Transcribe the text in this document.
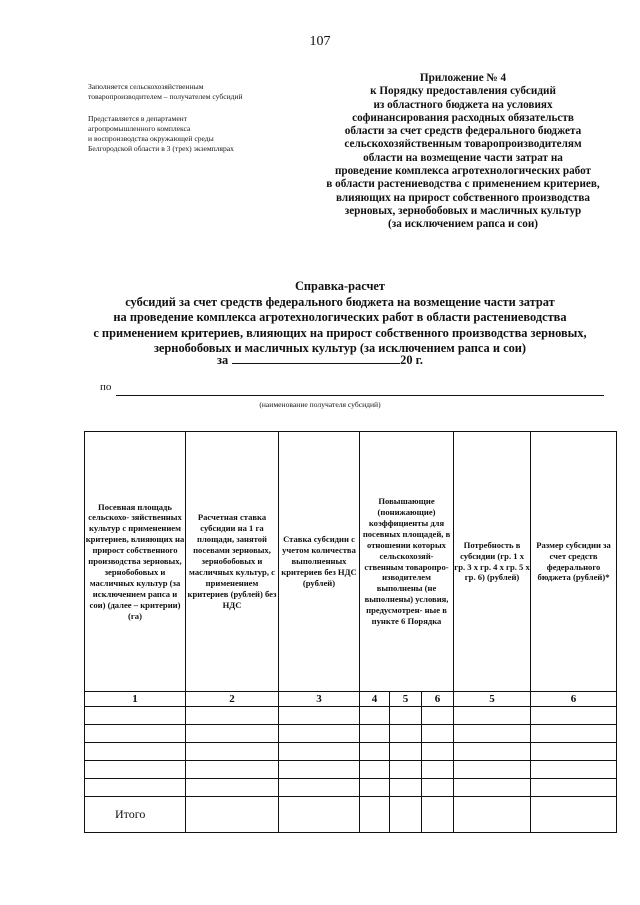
107
Заполняется сельскохозяйственным
товаропроизводителем – получателем субсидий
Представляется в департамент
агропромышленного комплекса
и воспроизводства окружающей среды
Белгородской области в 3 (трех) экземплярах
Приложение № 4
к Порядку предоставления субсидий
из областного бюджета на условиях
софинансирования расходных обязательств
области за счет средств федерального бюджета
сельскохозяйственным товаропроизводителям
области на возмещение части затрат на
проведение комплекса агротехнологических работ
в области растениеводства с применением критериев,
влияющих на прирост собственного производства
зерновых, зернобобовых и масличных культур
(за исключением рапса и сои)
Справка-расчет
субсидий за счет средств федерального бюджета на возмещение части затрат
на проведение комплекса агротехнологических работ в области растениеводства
с применением критериев, влияющих на прирост собственного производства зерновых,
зернобобовых и масличных культур (за исключением рапса и сои)
за	20 г.
по
(наименование получателя субсидий)
Посевная площадь сельскохо- зяйственных культур с применением критериев, влияющих на прирост собственного производства зерновых, зернобобовых и масличных культур (за исключением рапса и сои) (далее – критерии) (га)	Расчетная ставка субсидии на 1 га площади, занятой посевами зерновых, зернобобовых и масличных культур, с применением критериев (рублей) без НДС	Ставка субсидии с учетом количества выполненных критериев без НДС (рублей)	Повышающие (понижающие) коэффициенты для посевных площадей, в отношении которых сельскохозяй- ственным товаропро- изводителем выполнены (не выполнены) условия, предусмотрен- ные в пункте 6 Порядка			Потребность в субсидии (гр. 1 х гр. 3 х гр. 4 х гр. 5 х гр. 6) (рублей)	Размер субсидии за счет средств федерального бюджета (рублей)*
1	2	3	4	5	6	5	6

Итого							
